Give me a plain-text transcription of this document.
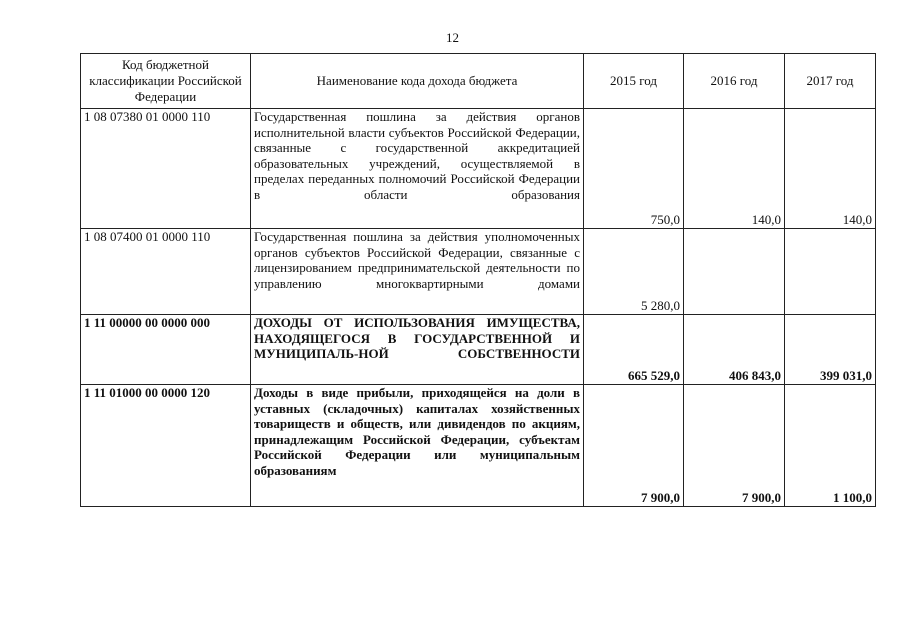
12
Код бюджетной классификации Российской Федерации	Наименование кода дохода бюджета	2015 год	2016 год	2017 год
1 08 07380 01 0000 110	Государственная пошлина за действия органов исполнительной власти субъектов Российской Федерации, связанные с государственной аккредитацией образовательных учреждений, осуществляемой в пределах переданных полномочий Российской Федерации в области образования	750,0	140,0	140,0
1 08 07400 01 0000 110	Государственная пошлина за действия уполномоченных органов субъектов Российской Федерации, связанные с лицензированием предпринимательской деятельности по управлению многоквартирными домами	5 280,0		
1 11 00000 00 0000 000	ДОХОДЫ ОТ ИСПОЛЬЗОВАНИЯ ИМУЩЕСТВА, НАХОДЯЩЕГОСЯ В ГОСУДАРСТВЕННОЙ И МУНИЦИПАЛЬ-НОЙ СОБСТВЕННОСТИ	665 529,0	406 843,0	399 031,0
1 11 01000 00 0000 120	Доходы в виде прибыли, приходящейся на доли в уставных (складочных) капиталах хозяйственных товариществ и обществ, или дивидендов по акциям, принадлежащим Российской Федерации, субъектам Российской Федерации или муниципальным образованиям	7 900,0	7 900,0	1 100,0
